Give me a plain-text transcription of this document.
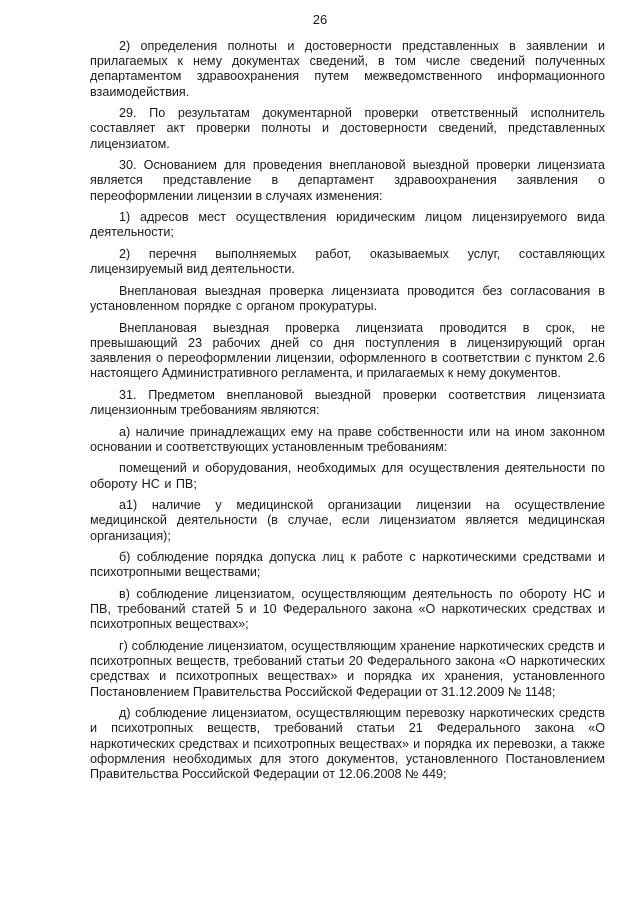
26

2) определения полноты и достоверности представленных в заявлении и прилагаемых к нему документах сведений, в том числе сведений полученных департаментом здравоохранения путем межведомственного информационного взаимодействия.

29. По результатам документарной проверки ответственный исполнитель составляет акт проверки полноты и достоверности сведений, представленных лицензиатом.

30. Основанием для проведения внеплановой выездной проверки лицензиата является представление в департамент здравоохранения заявления о переоформлении лицензии в случаях изменения:

1) адресов мест осуществления юридическим лицом лицензируемого вида деятельности;

2) перечня выполняемых работ, оказываемых услуг, составляющих лицензируемый вид деятельности.

Внеплановая выездная проверка лицензиата проводится без согласования в установленном порядке с органом прокуратуры.

Внеплановая выездная проверка лицензиата проводится в срок, не превышающий 23 рабочих дней со дня поступления в лицензирующий орган заявления о переоформлении лицензии, оформленного в соответствии с пунктом 2.6 настоящего Административного регламента, и прилагаемых к нему документов.

31. Предметом внеплановой выездной проверки соответствия лицензиата лицензионным требованиям являются:

а) наличие принадлежащих ему на праве собственности или на ином законном основании и соответствующих установленным требованиям:

помещений и оборудования, необходимых для осуществления деятельности по обороту НС и ПВ;

а1) наличие у медицинской организации лицензии на осуществление медицинской деятельности (в случае, если лицензиатом является медицинская организация);

б) соблюдение порядка допуска лиц к работе с наркотическими средствами и психотропными веществами;

в) соблюдение лицензиатом, осуществляющим деятельность по обороту НС и ПВ, требований статей 5 и 10 Федерального закона «О наркотических средствах и психотропных веществах»;

г) соблюдение лицензиатом, осуществляющим хранение наркотических средств и психотропных веществ, требований статьи 20 Федерального закона «О наркотических средствах и психотропных веществах» и порядка их хранения, установленного Постановлением Правительства Российской Федерации от 31.12.2009 № 1148;

д) соблюдение лицензиатом, осуществляющим перевозку наркотических средств и психотропных веществ, требований статьи 21 Федерального закона «О наркотических средствах и психотропных веществах» и порядка их перевозки, а также оформления необходимых для этого документов, установленного Постановлением Правительства Российской Федерации от 12.06.2008 № 449;
